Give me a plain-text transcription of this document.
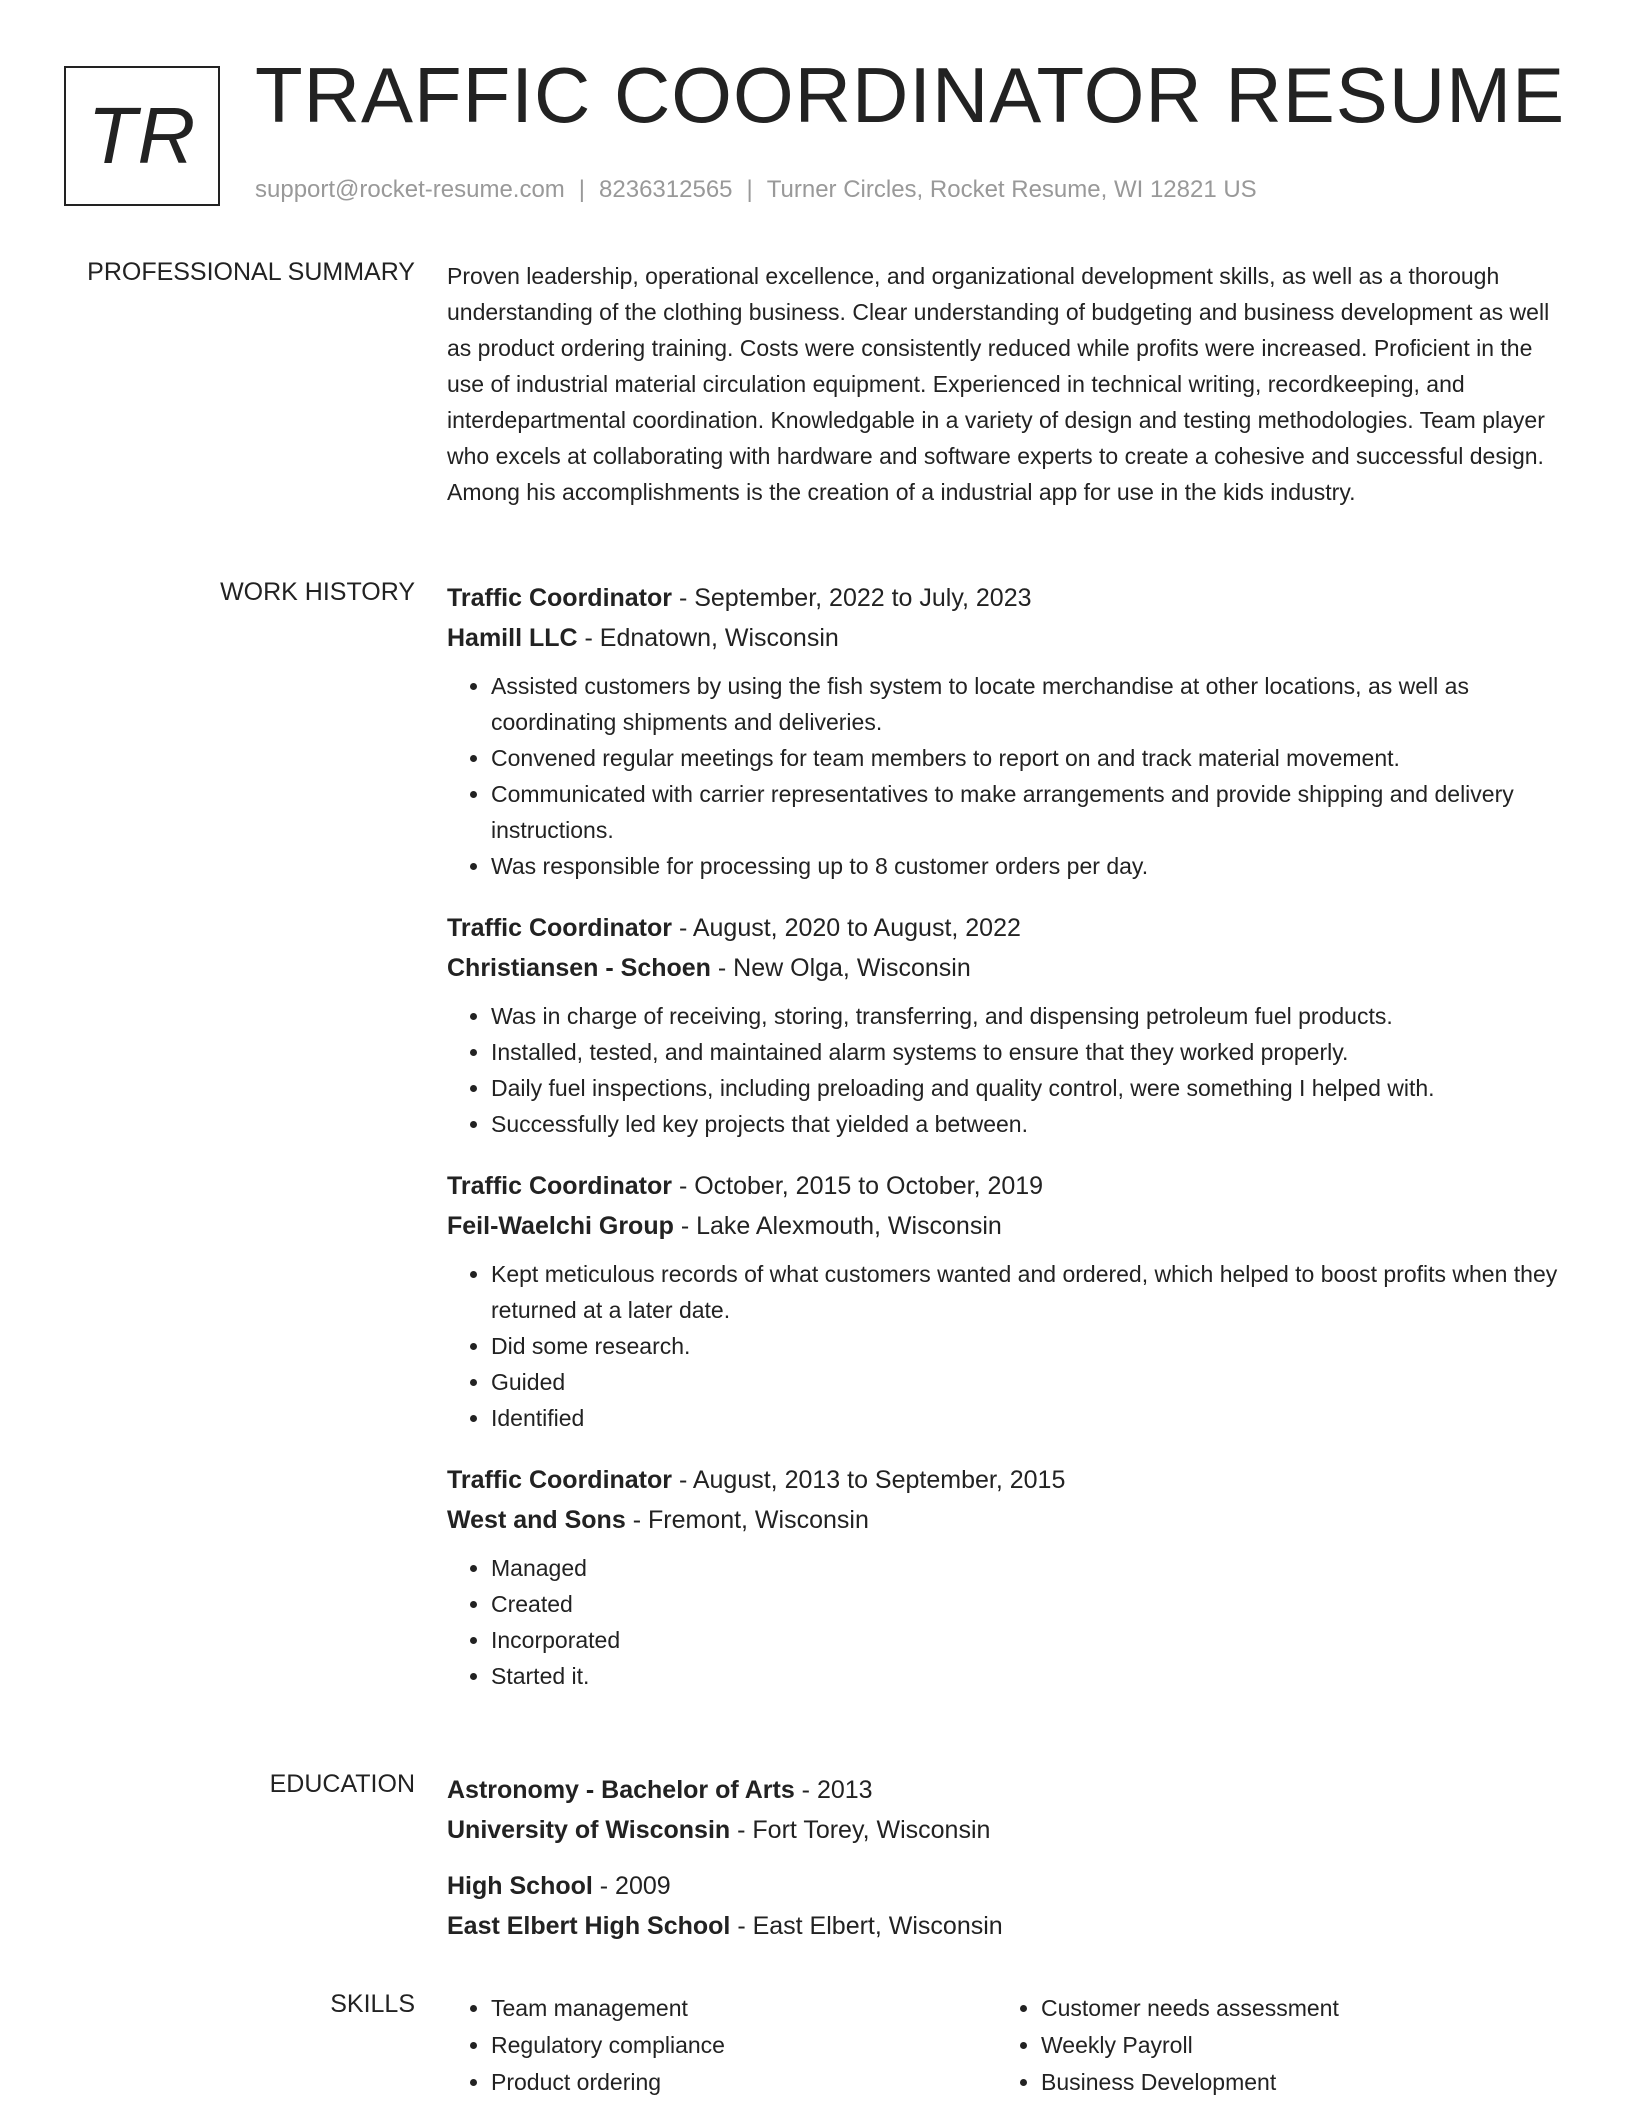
TR TRAFFIC COORDINATOR RESUME
support@rocket-resume.com | 8236312565 | Turner Circles, Rocket Resume, WI 12821 US
PROFESSIONAL SUMMARY Proven leadership, operational excellence, and organizational development skills, as well as a thorough understanding of the clothing business. Clear understanding of budgeting and business development as well as product ordering training. Costs were consistently reduced while profits were increased. Proficient in the use of industrial material circulation equipment. Experienced in technical writing, recordkeeping, and interdepartmental coordination. Knowledgable in a variety of design and testing methodologies. Team player who excels at collaborating with hardware and software experts to create a cohesive and successful design. Among his accomplishments is the creation of a industrial app for use in the kids industry.

WORK HISTORY Traffic Coordinator - September, 2022 to July, 2023
Hamill LLC - Ednatown, Wisconsin
• Assisted customers by using the fish system to locate merchandise at other locations, as well as coordinating shipments and deliveries.
• Convened regular meetings for team members to report on and track material movement.
• Communicated with carrier representatives to make arrangements and provide shipping and delivery instructions.
• Was responsible for processing up to 8 customer orders per day.
Traffic Coordinator - August, 2020 to August, 2022
Christiansen - Schoen - New Olga, Wisconsin
• Was in charge of receiving, storing, transferring, and dispensing petroleum fuel products.
• Installed, tested, and maintained alarm systems to ensure that they worked properly.
• Daily fuel inspections, including preloading and quality control, were something I helped with.
• Successfully led key projects that yielded a between.
Traffic Coordinator - October, 2015 to October, 2019
Feil-Waelchi Group - Lake Alexmouth, Wisconsin
• Kept meticulous records of what customers wanted and ordered, which helped to boost profits when they returned at a later date.
• Did some research.
• Guided
• Identified
Traffic Coordinator - August, 2013 to September, 2015
West and Sons - Fremont, Wisconsin
• Managed
• Created
• Incorporated
• Started it.
EDUCATION Astronomy - Bachelor of Arts - 2013
University of Wisconsin - Fort Torey, Wisconsin
High School - 2009
East Elbert High School - East Elbert, Wisconsin
SKILLS
•	Team management
• Regulatory compliance
• Product ordering
• Customer needs assessment
• Weekly Payroll
• Business Development
